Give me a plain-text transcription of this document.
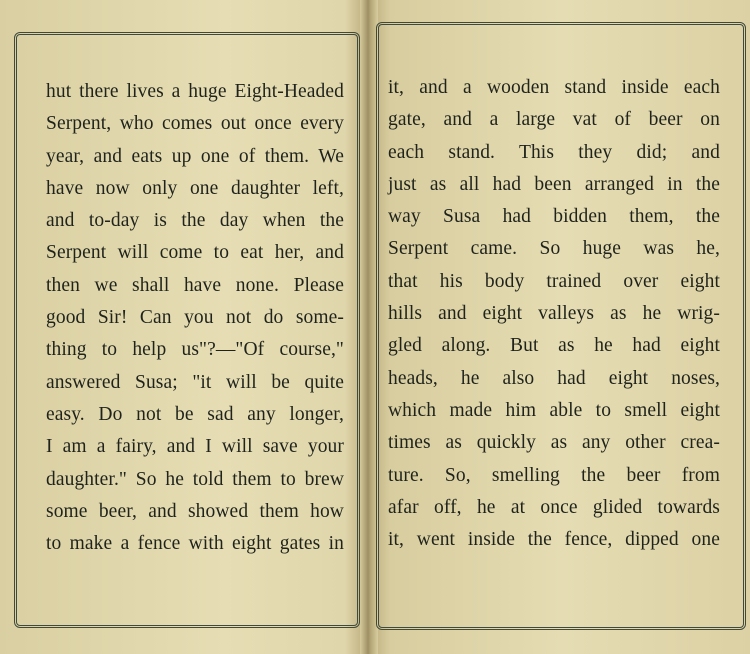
hut there lives a huge Eight-Headed
Serpent, who comes out once every
year, and eats up one of them. We
have now only one daughter left,
and to-day is the day when the
Serpent will come to eat her, and
then we shall have none. Please
good Sir! Can you not do some-
thing to help us"?—"Of course,"
answered Susa; "it will be quite
easy. Do not be sad any longer,
I am a fairy, and I will save your
daughter." So he told them to brew
some beer, and showed them how
to make a fence with eight gates in
it, and a wooden stand inside each
gate, and a large vat of beer on
each stand. This they did; and
just as all had been arranged in the
way Susa had bidden them, the
Serpent came. So huge was he,
that his body trained over eight
hills and eight valleys as he wrig-
gled along. But as he had eight
heads, he also had eight noses,
which made him able to smell eight
times as quickly as any other crea-
ture. So, smelling the beer from
afar off, he at once glided towards
it, went inside the fence, dipped one
